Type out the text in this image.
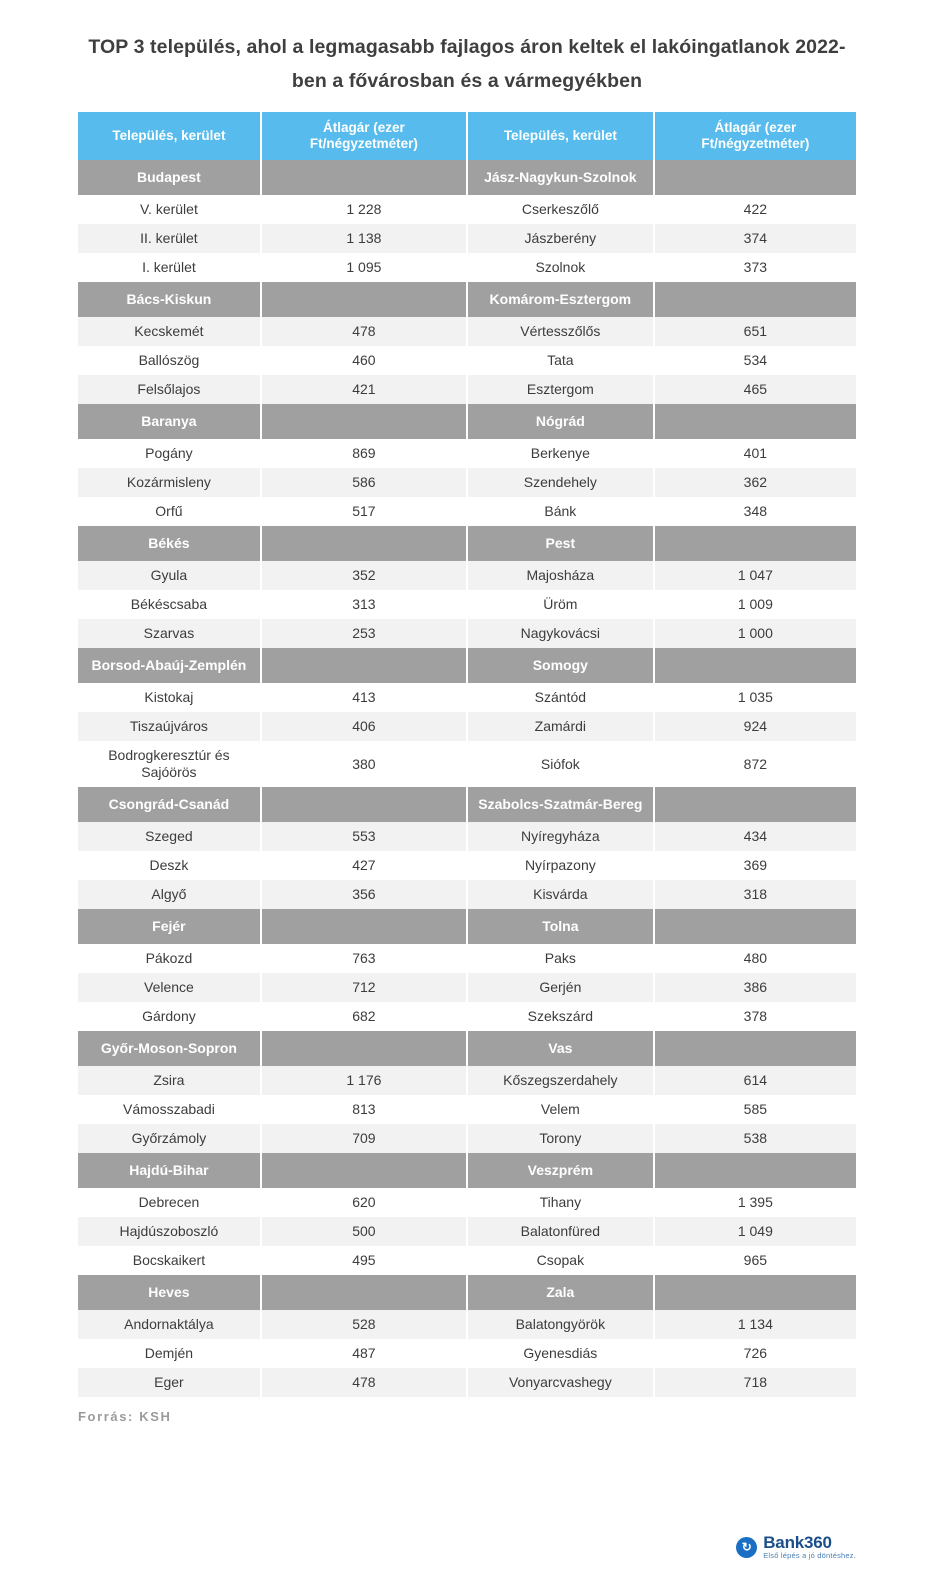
TOP 3 település, ahol a legmagasabb fajlagos áron keltek el lakóingatlanok 2022-ben a fővárosban és a vármegyékben
Település, kerület	Átlagár (ezer Ft/négyzetméter)	Település, kerület	Átlagár (ezer Ft/négyzetméter)
Budapest		Jász-Nagykun-Szolnok	
V. kerület	1 228	Cserkeszőlő	422
II. kerület	1 138	Jászberény	374
I. kerület	1 095	Szolnok	373
Bács-Kiskun		Komárom-Esztergom	
Kecskemét	478	Vértesszőlős	651
Ballószög	460	Tata	534
Felsőlajos	421	Esztergom	465
Baranya		Nógrád	
Pogány	869	Berkenye	401
Kozármisleny	586	Szendehely	362
Orfű	517	Bánk	348
Békés		Pest	
Gyula	352	Majosháza	1 047
Békéscsaba	313	Üröm	1 009
Szarvas	253	Nagykovácsi	1 000
Borsod-Abaúj-Zemplén		Somogy	
Kistokaj	413	Szántód	1 035
Tiszaújváros	406	Zamárdi	924
Bodrogkeresztúr és Sajóörös	380	Siófok	872
Csongrád-Csanád		Szabolcs-Szatmár-Bereg	
Szeged	553	Nyíregyháza	434
Deszk	427	Nyírpazony	369
Algyő	356	Kisvárda	318
Fejér		Tolna	
Pákozd	763	Paks	480
Velence	712	Gerjén	386
Gárdony	682	Szekszárd	378
Győr-Moson-Sopron		Vas	
Zsira	1 176	Kőszegszerdahely	614
Vámosszabadi	813	Velem	585
Győrzámoly	709	Torony	538
Hajdú-Bihar		Veszprém	
Debrecen	620	Tihany	1 395
Hajdúszoboszló	500	Balatonfüred	1 049
Bocskaikert	495	Csopak	965
Heves		Zala	
Andornaktálya	528	Balatongyörök	1 134
Demjén	487	Gyenesdiás	726
Eger	478	Vonyarcvashegy	718
Forrás: KSH
↻ Bank360
Első lépés a jó döntéshez.
